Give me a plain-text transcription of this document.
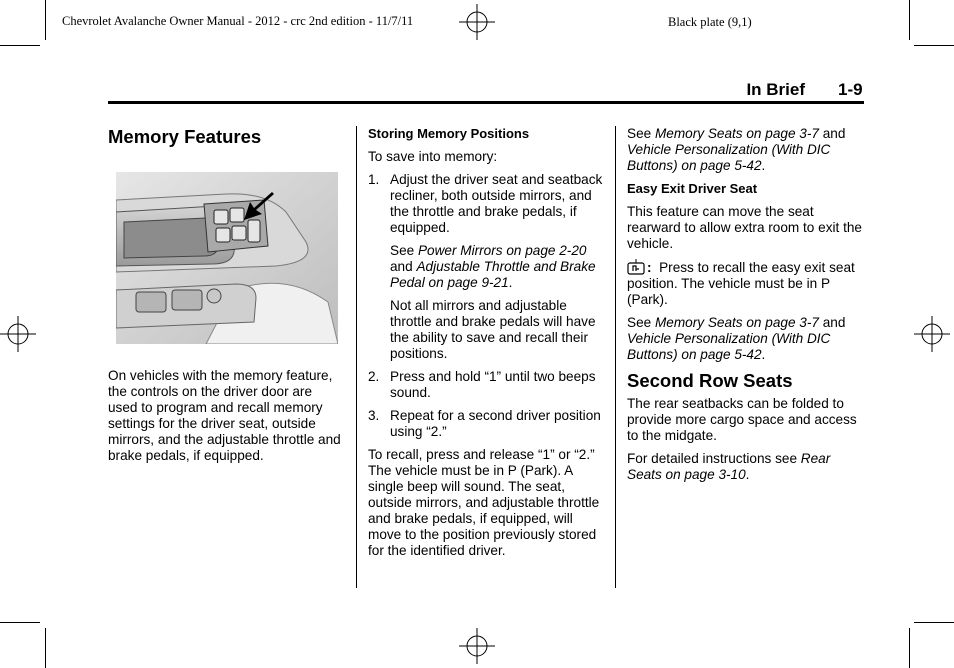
Chevrolet Avalanche Owner Manual - 2012 - crc 2nd edition - 11/7/11	Black plate (9,1)
In Brief 1-9
Memory Features

On vehicles with the memory feature, the controls on the driver door are used to program and recall memory settings for the driver seat, outside mirrors, and the adjustable throttle and brake pedals, if equipped.

Storing Memory Positions

To save into memory:

1. Adjust the driver seat and seatback recliner, both outside mirrors, and the throttle and brake pedals, if equipped.

See Power Mirrors on page 2-20 and Adjustable Throttle and Brake Pedal on page 9-21.

Not all mirrors and adjustable throttle and brake pedals will have the ability to save and recall their positions.

2. Press and hold “1” until two beeps sound.
3. Repeat for a second driver position using “2.”

To recall, press and release “1” or “2.” The vehicle must be in P (Park). A single beep will sound. The seat, outside mirrors, and adjustable throttle and brake pedals, if equipped, will move to the position previously stored for the identified driver.

See Memory Seats on page 3-7 and Vehicle Personalization (With DIC Buttons) on page 5-42.

Easy Exit Driver Seat

This feature can move the seat rearward to allow extra room to exit the vehicle.

: Press to recall the easy exit seat position. The vehicle must be in P (Park).

See Memory Seats on page 3-7 and Vehicle Personalization (With DIC Buttons) on page 5-42.

Second Row Seats

The rear seatbacks can be folded to provide more cargo space and access to the midgate.

For detailed instructions see Rear Seats on page 3-10.
